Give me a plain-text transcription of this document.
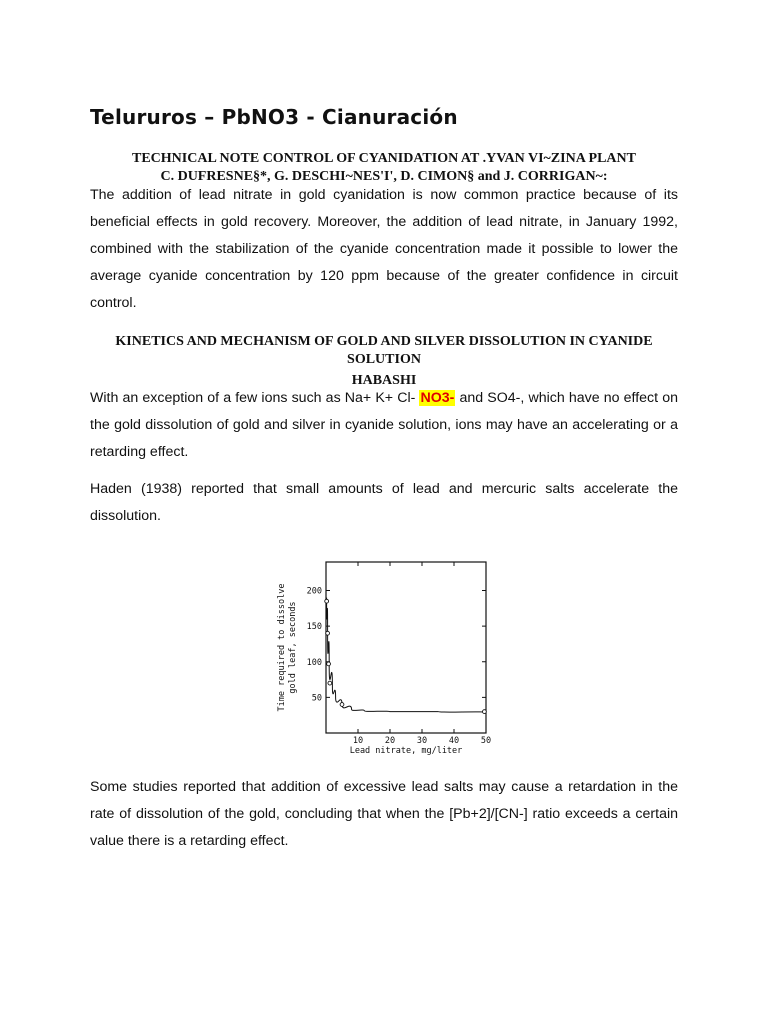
Telururos – PbNO3 - Cianuración
TECHNICAL NOTE CONTROL OF CYANIDATION AT .YVAN VI~ZINA PLANT
C. DUFRESNE§*, G. DESCHI~NES'I', D. CIMON§ and J. CORRIGAN~:

The addition of lead nitrate in gold cyanidation is now common practice because of its beneficial effects in gold recovery. Moreover, the addition of lead nitrate, in January 1992, combined with the stabilization of the cyanide concentration made it possible to lower the average cyanide concentration by 120 ppm because of the greater confidence in circuit control.

KINETICS AND MECHANISM OF GOLD AND SILVER DISSOLUTION IN CYANIDE SOLUTION
HABASHI

With an exception of a few ions such as Na+ K+ Cl- NO3- and SO4-, which have no effect on the gold dissolution of gold and silver in cyanide solution, ions may have an accelerating or a retarding effect.

Haden (1938) reported that small amounts of lead and mercuric salts accelerate the dissolution.

10	20	30	40	50
50
100
150
200
Time required to dissolve gold leaf, seconds
Lead nitrate, mg/liter

Some studies reported that addition of excessive lead salts may cause a retardation in the rate of dissolution of the gold, concluding that when the [Pb+2]/[CN-] ratio exceeds a certain value there is a retarding effect.
